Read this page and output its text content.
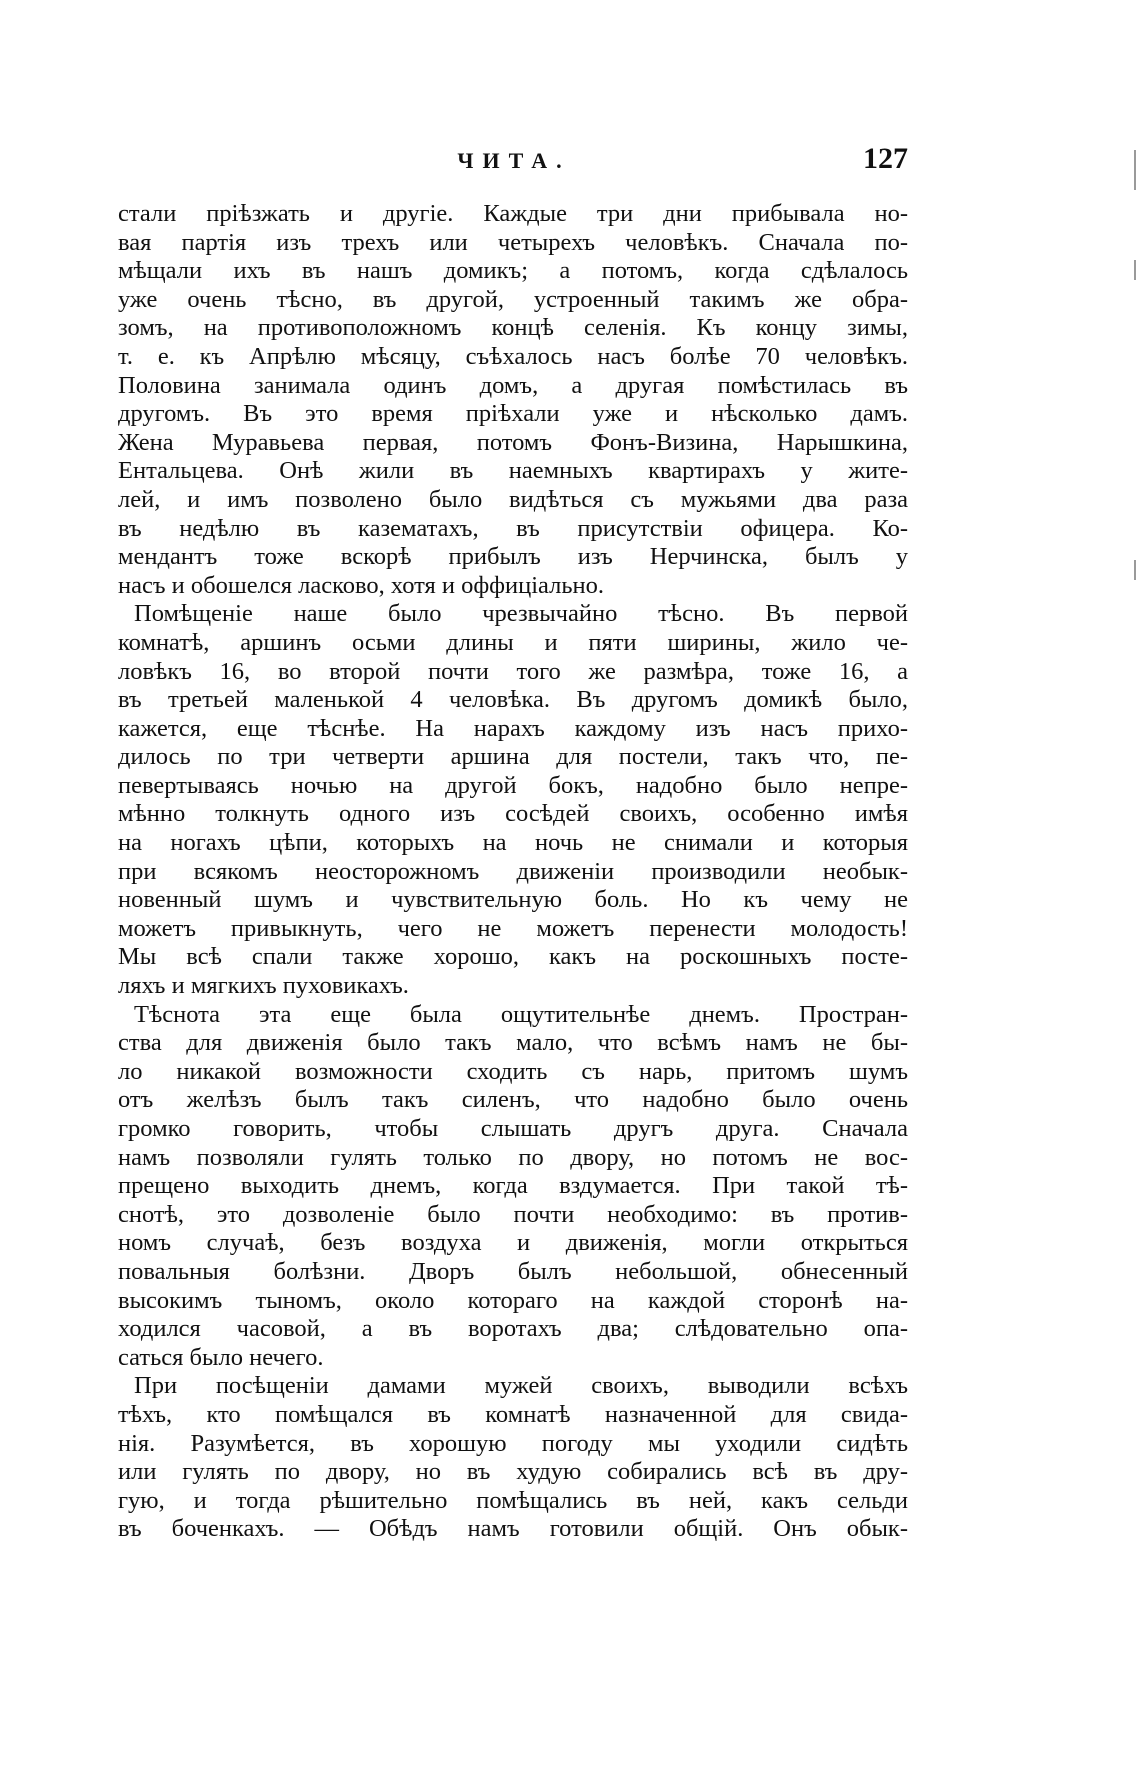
ЧИТА.	127
стали пріѣзжать и другіе. Каждые три дни прибывала но-
вая партія изъ трехъ или четырехъ человѣкъ. Сначала по-
мѣщали ихъ въ нашъ домикъ; а потомъ, когда сдѣлалось
уже очень тѣсно, въ другой, устроенный такимъ же обра-
зомъ, на противоположномъ концѣ селенія. Къ концу зимы,
т. е. къ Апрѣлю мѣсяцу, съѣхалось насъ болѣе 70 человѣкъ.
Половина занимала одинъ домъ, а другая помѣстилась въ
другомъ. Въ это время пріѣхали уже и нѣсколько дамъ.
Жена Муравьева первая, потомъ Фонъ-Визина, Нарышкина,
Ентальцева. Онѣ жили въ наемныхъ квартирахъ у жите-
лей, и имъ позволено было видѣться съ мужьями два раза
въ недѣлю въ казематахъ, въ присутствіи офицера. Ко-
мендантъ тоже вскорѣ прибылъ изъ Нерчинска, былъ у
насъ и обошелся ласково, хотя и оффиціально.
Помѣщеніе наше было чрезвычайно тѣсно. Въ первой
комнатѣ, аршинъ осьми длины и пяти ширины, жило че-
ловѣкъ 16, во второй почти того же размѣра, тоже 16, а
въ третьей маленькой 4 человѣка. Въ другомъ домикѣ было,
кажется, еще тѣснѣе. На нарахъ каждому изъ насъ прихо-
дилось по три четверти аршина для постели, такъ что, пе-
певертываясь ночью на другой бокъ, надобно было непре-
мѣнно толкнуть одного изъ сосѣдей своихъ, особенно имѣя
на ногахъ цѣпи, которыхъ на ночь не снимали и которыя
при всякомъ неосторожномъ движеніи производили необык-
новенный шумъ и чувствительную боль. Но къ чему не
можетъ привыкнуть, чего не можетъ перенести молодость!
Мы всѣ спали также хорошо, какъ на роскошныхъ посте-
ляхъ и мягкихъ пуховикахъ.
Тѣснота эта еще была ощутительнѣе днемъ. Простран-
ства для движенія было такъ мало, что всѣмъ намъ не бы-
ло никакой возможности сходить съ нарь, притомъ шумъ
отъ желѣзъ былъ такъ силенъ, что надобно было очень
громко говорить, чтобы слышать другъ друга. Сначала
намъ позволяли гулять только по двору, но потомъ не вос-
прещено выходить днемъ, когда вздумается. При такой тѣ-
снотѣ, это дозволеніе было почти необходимо: въ против-
номъ случаѣ, безъ воздуха и движенія, могли открыться
повальныя болѣзни. Дворъ былъ небольшой, обнесенный
высокимъ тыномъ, около котораго на каждой сторонѣ на-
ходился часовой, а въ воротахъ два; слѣдовательно опа-
саться было нечего.
При посѣщеніи дамами мужей своихъ, выводили всѣхъ
тѣхъ, кто помѣщался въ комнатѣ назначенной для свида-
нія. Разумѣется, въ хорошую погоду мы уходили сидѣть
или гулять по двору, но въ худую собирались всѣ въ дру-
гую, и тогда рѣшительно помѣщались въ ней, какъ сельди
въ боченкахъ. — Обѣдъ намъ готовили общій. Онъ обык-
